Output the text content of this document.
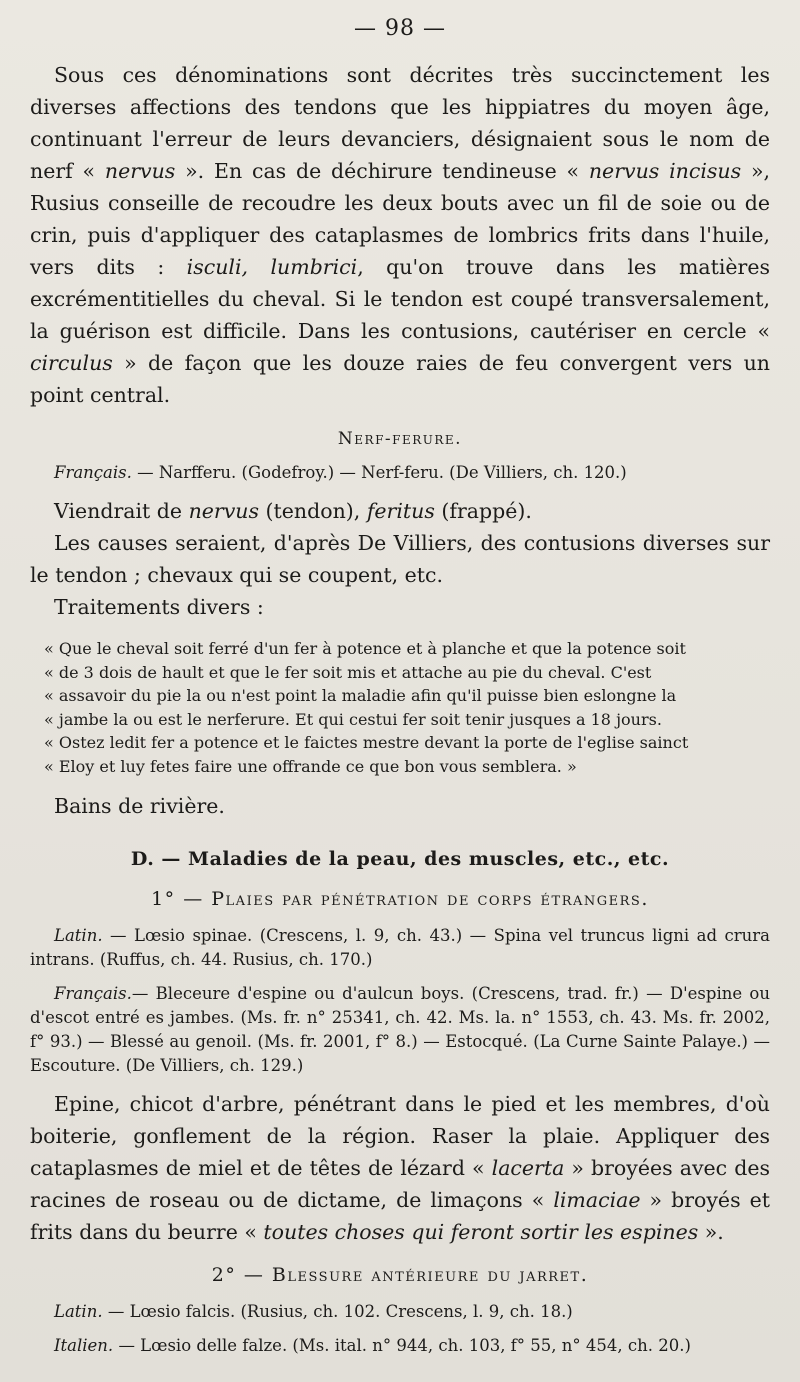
— 98 —

Sous ces dénominations sont décrites très succinctement les diverses affections des tendons que les hippiatres du moyen âge, continuant l'erreur de leurs devanciers, désignaient sous le nom de nerf « nervus ». En cas de déchirure tendineuse « nervus incisus », Rusius conseille de recoudre les deux bouts avec un fil de soie ou de crin, puis d'appliquer des cataplasmes de lombrics frits dans l'huile, vers dits : isculi, lumbrici, qu'on trouve dans les matières excrémentitielles du cheval. Si le tendon est coupé transversalement, la guérison est difficile. Dans les contusions, cautériser en cercle « circulus » de façon que les douze raies de feu convergent vers un point central.

Nerf-ferure.

Français. — Narfferu. (Godefroy.) — Nerf-feru. (De Villiers, ch. 120.)

Viendrait de nervus (tendon), feritus (frappé).

Les causes seraient, d'après De Villiers, des contusions diverses sur le tendon ; chevaux qui se coupent, etc.

Traitements divers :

« Que le cheval soit ferré d'un fer à potence et à planche et que la potence soit
« de 3 dois de hault et que le fer soit mis et attache au pie du cheval. C'est
« assavoir du pie la ou n'est point la maladie afin qu'il puisse bien eslongne la
« jambe la ou est le nerferure. Et qui cestui fer soit tenir jusques a 18 jours.
« Ostez ledit fer a potence et le faictes mestre devant la porte de l'eglise sainct
« Eloy et luy fetes faire une offrande ce que bon vous semblera. »

Bains de rivière.

D. — Maladies de la peau, des muscles, etc., etc.
1° — Plaies par pénétration de corps étrangers.

Latin. — Lœsio spinae. (Crescens, l. 9, ch. 43.) — Spina vel truncus ligni ad crura intrans. (Ruffus, ch. 44. Rusius, ch. 170.)

Français.— Bleceure d'espine ou d'aulcun boys. (Crescens, trad. fr.) — D'espine ou d'escot entré es jambes. (Ms. fr. n° 25341, ch. 42. Ms. la. n° 1553, ch. 43. Ms. fr. 2002, f° 93.) — Blessé au genoil. (Ms. fr. 2001, f° 8.) — Estocqué. (La Curne Sainte Palaye.) — Escouture. (De Villiers, ch. 129.)

Epine, chicot d'arbre, pénétrant dans le pied et les membres, d'où boiterie, gonflement de la région. Raser la plaie. Appliquer des cataplasmes de miel et de têtes de lézard « lacerta » broyées avec des racines de roseau ou de dictame, de limaçons « limaciae » broyés et frits dans du beurre « toutes choses qui feront sortir les espines ».

2° — Blessure antérieure du jarret.

Latin. — Lœsio falcis. (Rusius, ch. 102. Crescens, l. 9, ch. 18.)

Italien. — Lœsio delle falze. (Ms. ital. n° 944, ch. 103, f° 55, n° 454, ch. 20.)
